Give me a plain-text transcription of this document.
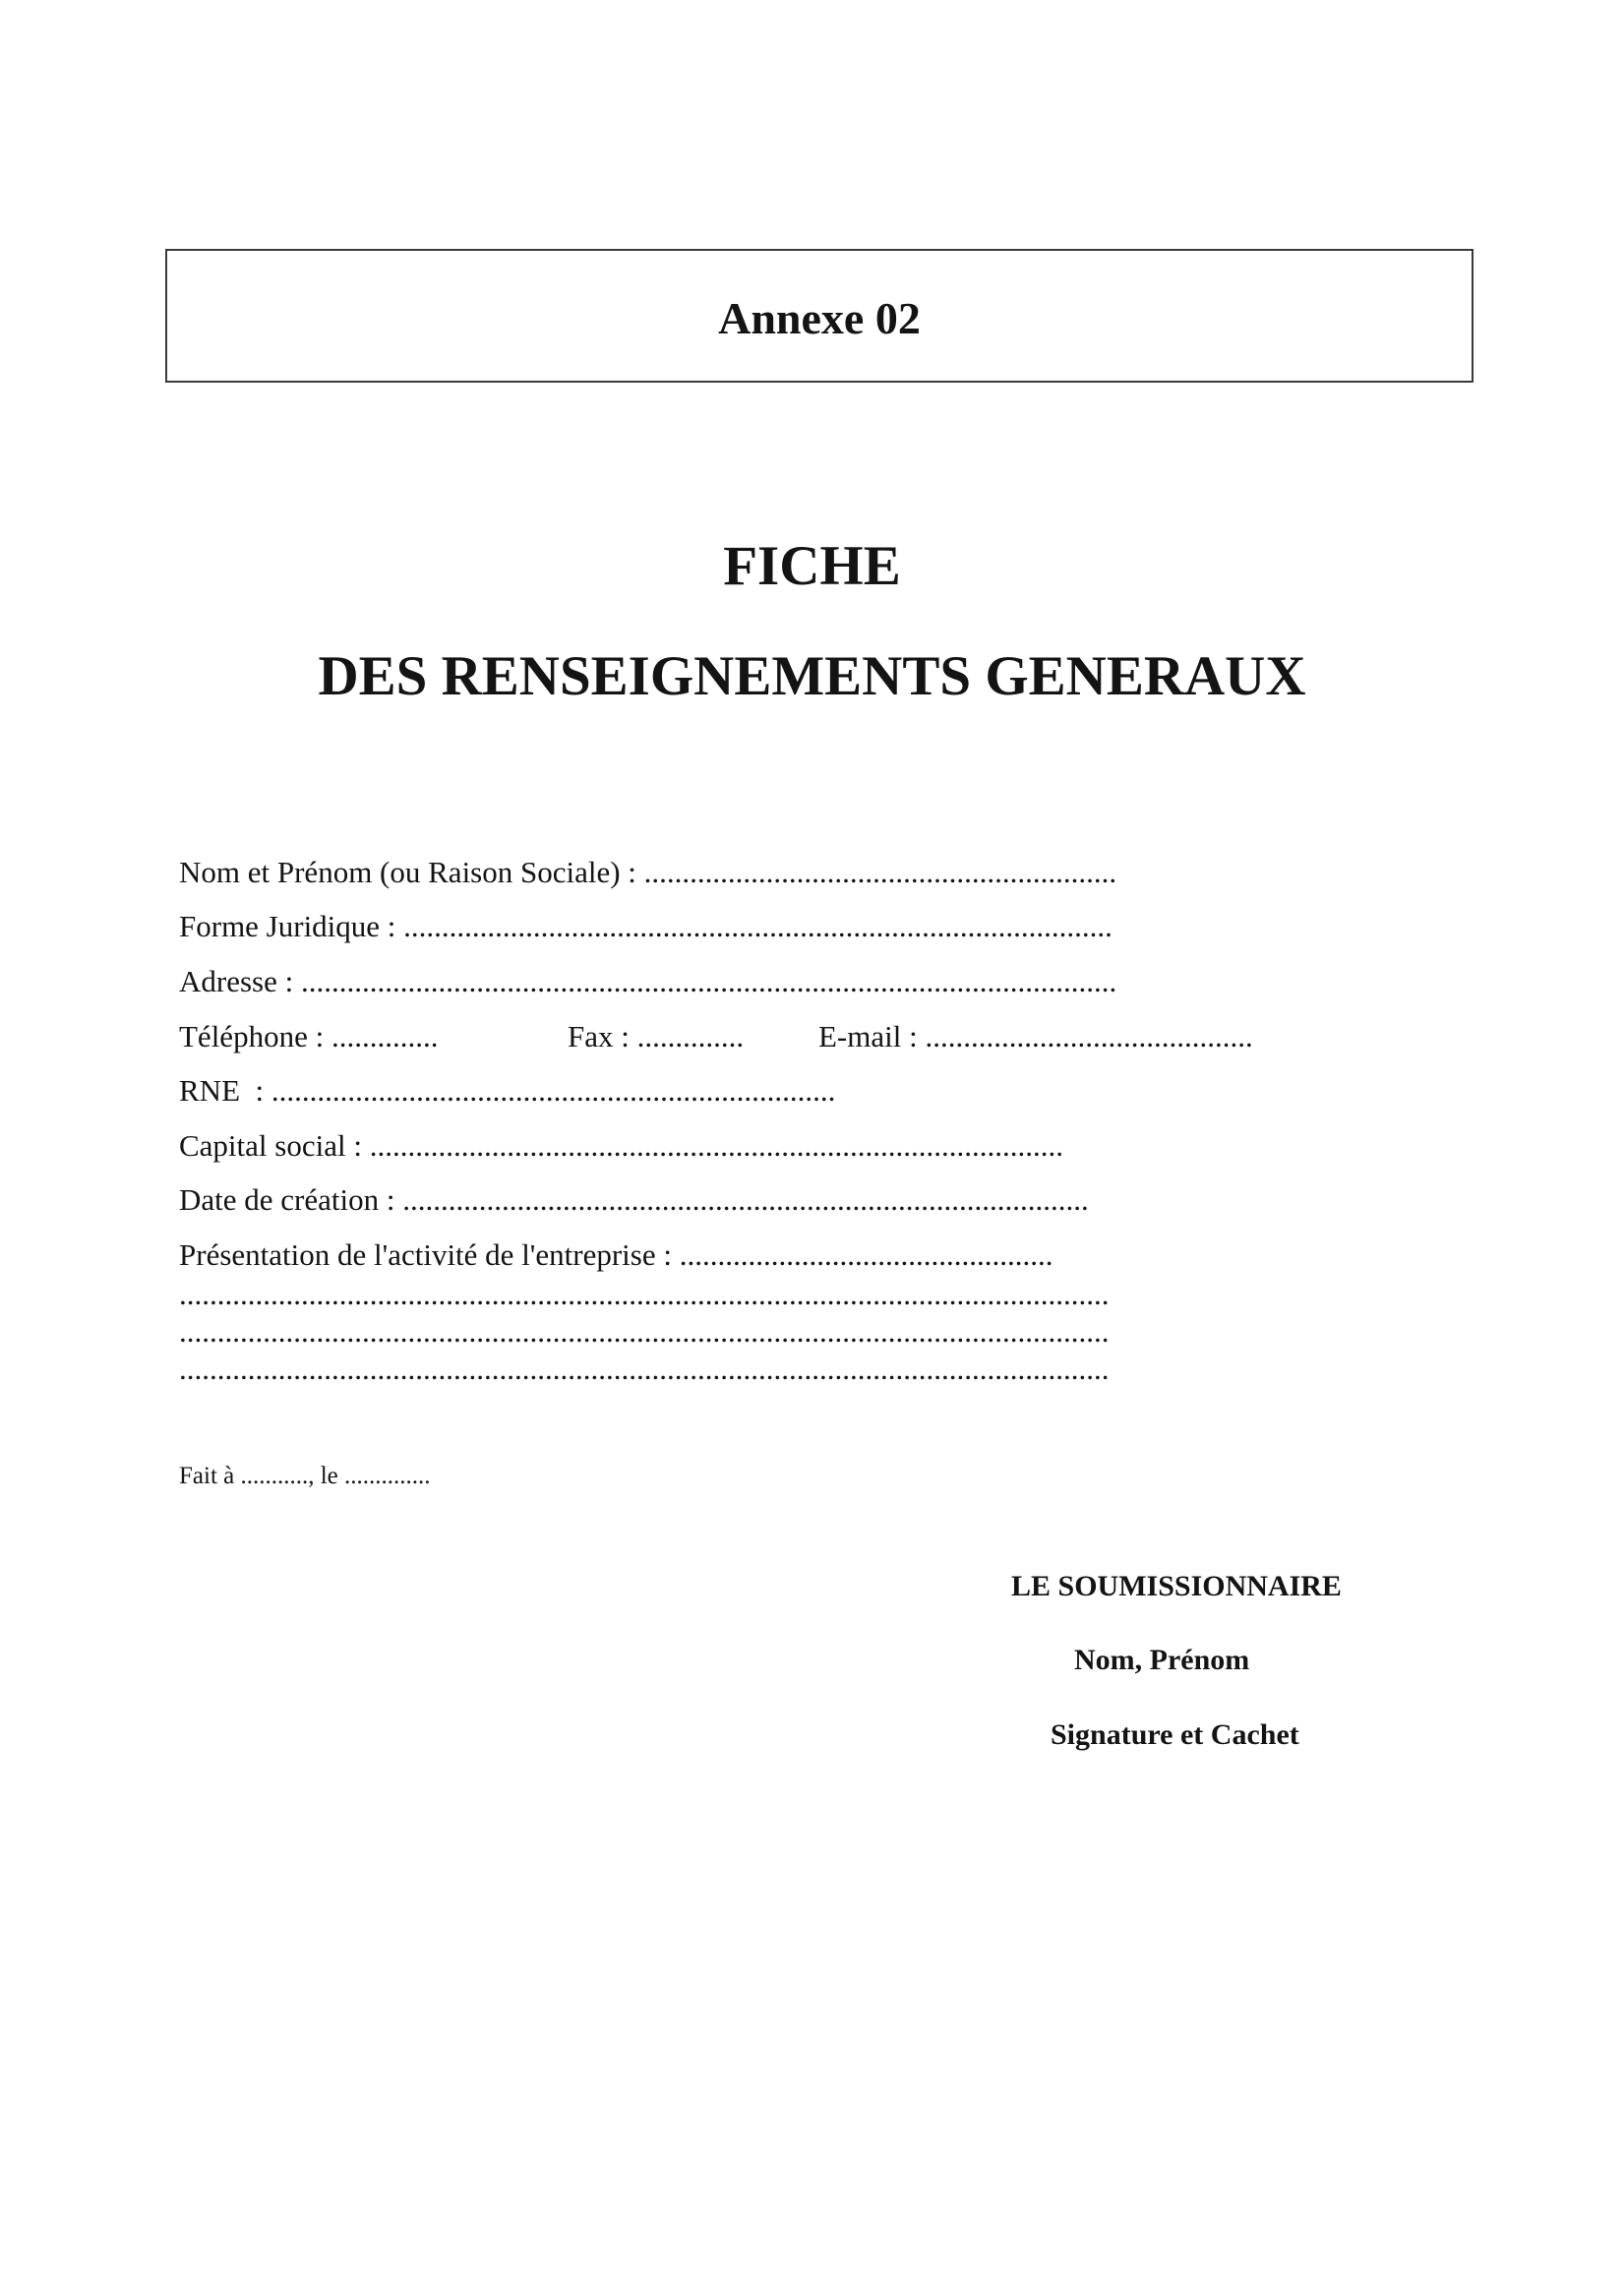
Annexe 02
FICHE
DES RENSEIGNEMENTS GENERAUX
Nom et Prénom (ou Raison Sociale) : ..............................................................
Forme Juridique : .............................................................................................
Adresse : ...........................................................................................................
Téléphone : ..............	Fax : .............. E-mail : ...........................................
RNE  : ..........................................................................
Capital social : ...........................................................................................
Date de création : ..........................................................................................
Présentation de l'activité de l'entreprise : .................................................
..........................................................................................................................
..........................................................................................................................
..........................................................................................................................
Fait à ..........., le ..............
LE SOUMISSIONNAIRE
Nom, Prénom
Signature et Cachet
